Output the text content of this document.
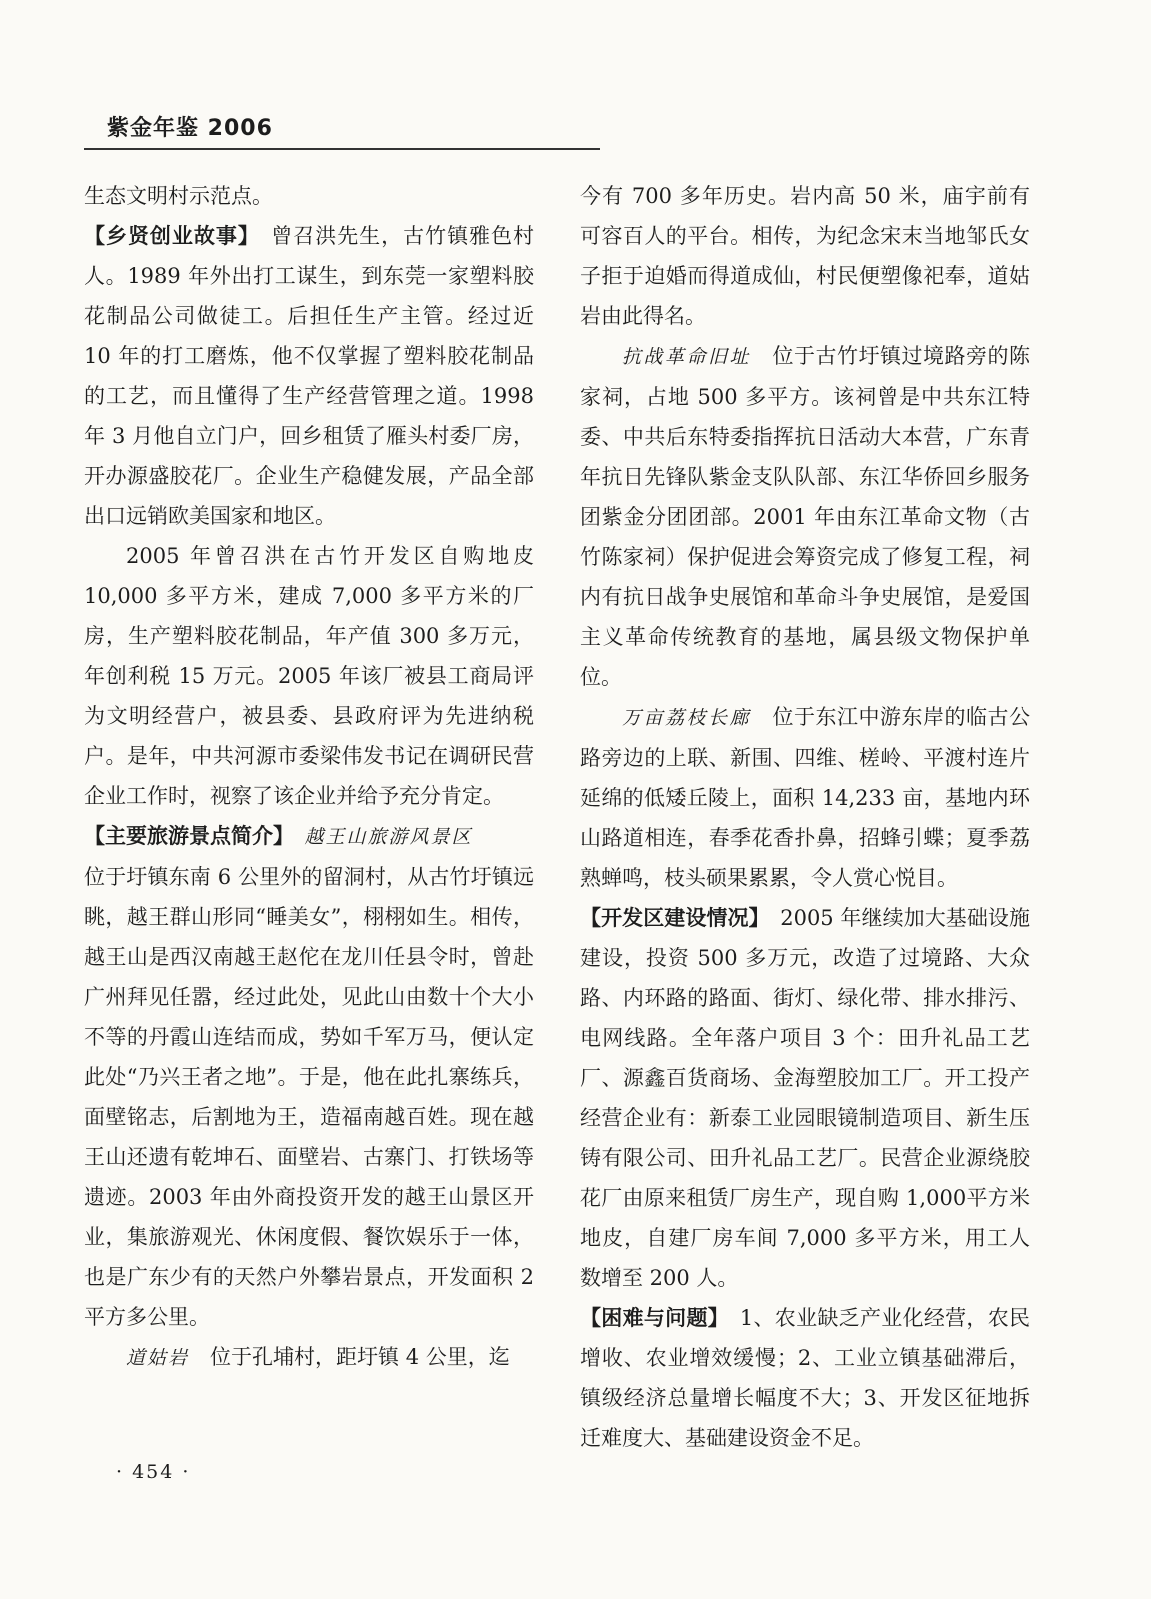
紫金年鉴 2006

生态文明村示范点。

【乡贤创业故事】　曾召洪先生，古竹镇雅色村人。1989 年外出打工谋生，到东莞一家塑料胶花制品公司做徒工。后担任生产主管。经过近 10 年的打工磨炼，他不仅掌握了塑料胶花制品的工艺，而且懂得了生产经营管理之道。1998 年 3 月他自立门户，回乡租赁了雁头村委厂房，开办源盛胶花厂。企业生产稳健发展，产品全部出口远销欧美国家和地区。

2005 年曾召洪在古竹开发区自购地皮 10,000 多平方米，建成 7,000 多平方米的厂房，生产塑料胶花制品，年产值 300 多万元，年创利税 15 万元。2005 年该厂被县工商局评为文明经营户，被县委、县政府评为先进纳税户。是年，中共河源市委梁伟发书记在调研民营企业工作时，视察了该企业并给予充分肯定。

【主要旅游景点简介】　 越王山旅游风景区
位于圩镇东南 6 公里外的留洞村，从古竹圩镇远眺，越王群山形同“睡美女”，栩栩如生。相传，越王山是西汉南越王赵佗在龙川任县令时，曾赴广州拜见任嚣，经过此处，见此山由数十个大小不等的丹霞山连结而成，势如千军万马，便认定此处“乃兴王者之地”。于是，他在此扎寨练兵，面壁铭志，后割地为王，造福南越百姓。现在越王山还遗有乾坤石、面壁岩、古寨门、打铁场等遗迹。2003 年由外商投资开发的越王山景区开业，集旅游观光、休闲度假、餐饮娱乐于一体，也是广东少有的天然户外攀岩景点，开发面积 2 平方多公里。

道姑岩　位于孔埔村，距圩镇 4 公里，迄

今有 700 多年历史。岩内高 50 米，庙宇前有可容百人的平台。相传，为纪念宋末当地邹氏女子拒于迫婚而得道成仙，村民便塑像祀奉，道姑岩由此得名。

抗战革命旧址　位于古竹圩镇过境路旁的陈家祠，占地 500 多平方。该祠曾是中共东江特委、中共后东特委指挥抗日活动大本营，广东青年抗日先锋队紫金支队队部、东江华侨回乡服务团紫金分团团部。2001 年由东江革命文物（古竹陈家祠）保护促进会筹资完成了修复工程，祠内有抗日战争史展馆和革命斗争史展馆，是爱国主义革命传统教育的基地，属县级文物保护单位。

万亩荔枝长廊　位于东江中游东岸的临古公路旁边的上联、新围、四维、槎岭、平渡村连片延绵的低矮丘陵上，面积 14,233 亩，基地内环山路道相连，春季花香扑鼻，招蜂引蝶；夏季荔熟蝉鸣，枝头硕果累累，令人赏心悦目。

【开发区建设情况】　2005 年继续加大基础设施建设，投资 500 多万元，改造了过境路、大众路、内环路的路面、街灯、绿化带、排水排污、电网线路。全年落户项目 3 个：田升礼品工艺厂、源鑫百货商场、金海塑胶加工厂。开工投产经营企业有：新泰工业园眼镜制造项目、新生压铸有限公司、田升礼品工艺厂。民营企业源绕胶花厂由原来租赁厂房生产，现自购 1,000平方米地皮，自建厂房车间 7,000 多平方米，用工人数增至 200 人。

【困难与问题】　1、农业缺乏产业化经营，农民增收、农业增效缓慢；2、工业立镇基础滞后，镇级经济总量增长幅度不大；3、开发区征地拆迁难度大、基础建设资金不足。

· 454 ·
